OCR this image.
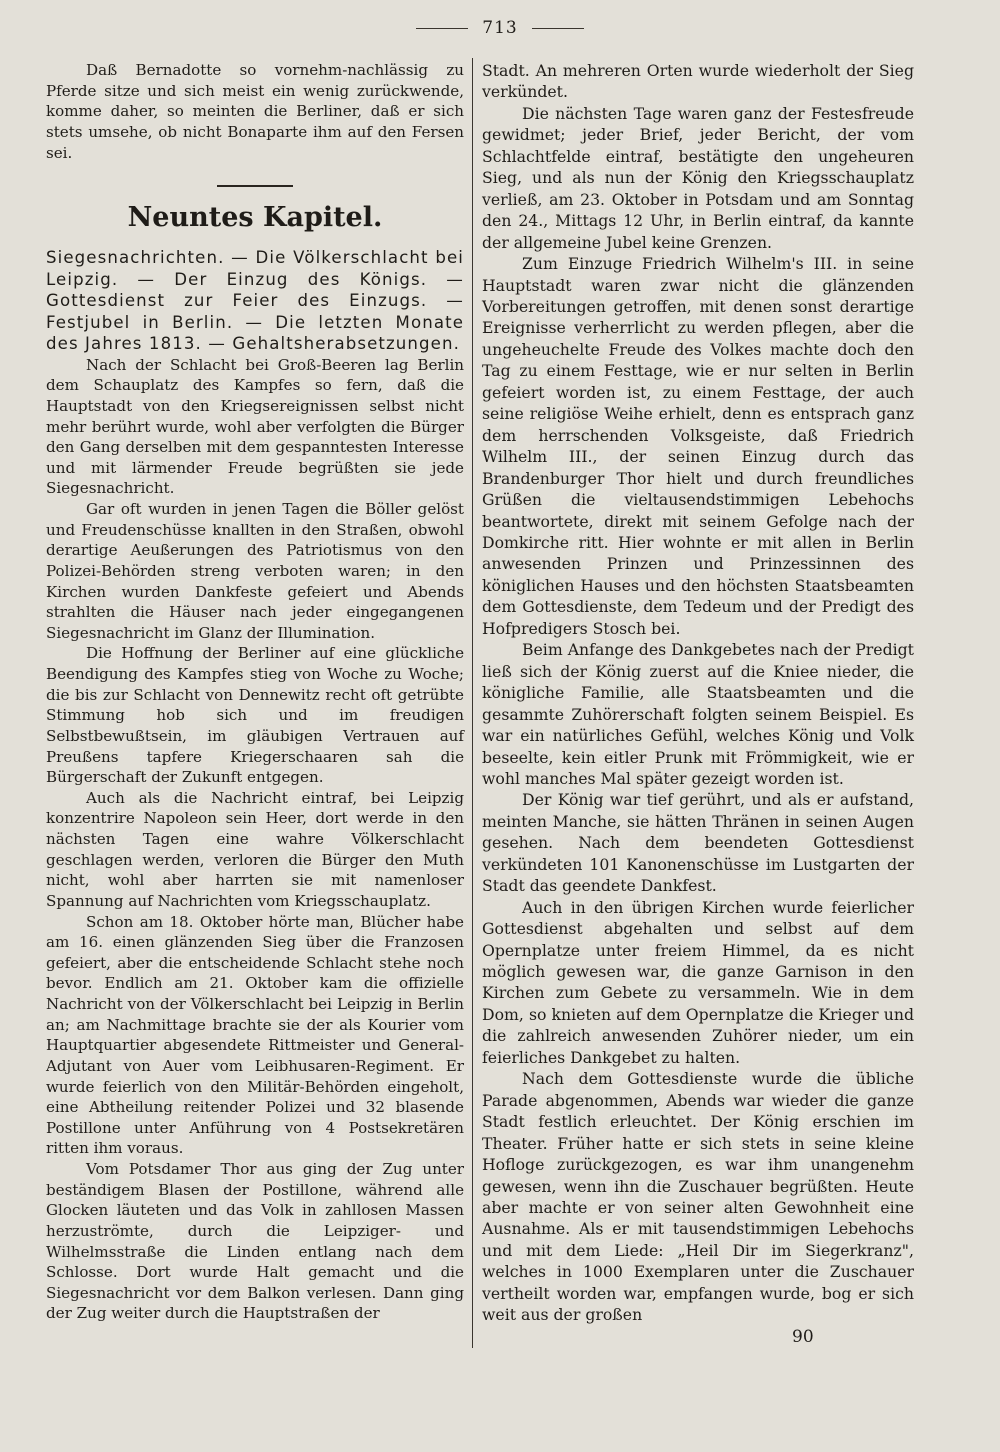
713

Daß Bernadotte so vornehm-nachlässig zu Pferde sitze und sich meist ein wenig zurückwende, komme daher, so meinten die Berliner, daß er sich stets umsehe, ob nicht Bonaparte ihm auf den Fersen sei.

Neuntes Kapitel.

Siegesnachrichten. — Die Völkerschlacht bei Leipzig. — Der Einzug des Königs. — Gottesdienst zur Feier des Einzugs. — Festjubel in Berlin. — Die letzten Monate des Jahres 1813. — Gehaltsherabsetzungen.

Nach der Schlacht bei Groß-Beeren lag Berlin dem Schauplatz des Kampfes so fern, daß die Hauptstadt von den Kriegsereignissen selbst nicht mehr berührt wurde, wohl aber verfolgten die Bürger den Gang derselben mit dem gespanntesten Interesse und mit lärmender Freude begrüßten sie jede Siegesnachricht.

Gar oft wurden in jenen Tagen die Böller gelöst und Freudenschüsse knallten in den Straßen, obwohl derartige Aeußerungen des Patriotismus von den Polizei-Behörden streng verboten waren; in den Kirchen wurden Dankfeste gefeiert und Abends strahlten die Häuser nach jeder eingegangenen Siegesnachricht im Glanz der Illumination.

Die Hoffnung der Berliner auf eine glückliche Beendigung des Kampfes stieg von Woche zu Woche; die bis zur Schlacht von Dennewitz recht oft getrübte Stimmung hob sich und im freudigen Selbstbewußtsein, im gläubigen Vertrauen auf Preußens tapfere Kriegerschaaren sah die Bürgerschaft der Zukunft entgegen.

Auch als die Nachricht eintraf, bei Leipzig konzentrire Napoleon sein Heer, dort werde in den nächsten Tagen eine wahre Völkerschlacht geschlagen werden, verloren die Bürger den Muth nicht, wohl aber harrten sie mit namenloser Spannung auf Nachrichten vom Kriegsschauplatz.

Schon am 18. Oktober hörte man, Blücher habe am 16. einen glänzenden Sieg über die Franzosen gefeiert, aber die entscheidende Schlacht stehe noch bevor. Endlich am 21. Oktober kam die offizielle Nachricht von der Völkerschlacht bei Leipzig in Berlin an; am Nachmittage brachte sie der als Kourier vom Hauptquartier abgesendete Rittmeister und General-Adjutant von Auer vom Leibhusaren-Regiment. Er wurde feierlich von den Militär-Behörden eingeholt, eine Abtheilung reitender Polizei und 32 blasende Postillone unter Anführung von 4 Postsekretären ritten ihm voraus.

Vom Potsdamer Thor aus ging der Zug unter beständigem Blasen der Postillone, während alle Glocken läuteten und das Volk in zahllosen Massen herzuströmte, durch die Leipziger- und Wilhelmsstraße die Linden entlang nach dem Schlosse. Dort wurde Halt gemacht und die Siegesnachricht vor dem Balkon verlesen. Dann ging der Zug weiter durch die Hauptstraßen der

Stadt. An mehreren Orten wurde wiederholt der Sieg verkündet.

Die nächsten Tage waren ganz der Festesfreude gewidmet; jeder Brief, jeder Bericht, der vom Schlachtfelde eintraf, bestätigte den ungeheuren Sieg, und als nun der König den Kriegsschauplatz verließ, am 23. Oktober in Potsdam und am Sonntag den 24., Mittags 12 Uhr, in Berlin eintraf, da kannte der allgemeine Jubel keine Grenzen.

Zum Einzuge Friedrich Wilhelm's III. in seine Hauptstadt waren zwar nicht die glänzenden Vorbereitungen getroffen, mit denen sonst derartige Ereignisse verherrlicht zu werden pflegen, aber die ungeheuchelte Freude des Volkes machte doch den Tag zu einem Festtage, wie er nur selten in Berlin gefeiert worden ist, zu einem Festtage, der auch seine religiöse Weihe erhielt, denn es entsprach ganz dem herrschenden Volksgeiste, daß Friedrich Wilhelm III., der seinen Einzug durch das Brandenburger Thor hielt und durch freundliches Grüßen die vieltausendstimmigen Lebehochs beantwortete, direkt mit seinem Gefolge nach der Domkirche ritt. Hier wohnte er mit allen in Berlin anwesenden Prinzen und Prinzessinnen des königlichen Hauses und den höchsten Staatsbeamten dem Gottesdienste, dem Tedeum und der Predigt des Hofpredigers Stosch bei.

Beim Anfange des Dankgebetes nach der Predigt ließ sich der König zuerst auf die Kniee nieder, die königliche Familie, alle Staatsbeamten und die gesammte Zuhörerschaft folgten seinem Beispiel. Es war ein natürliches Gefühl, welches König und Volk beseelte, kein eitler Prunk mit Frömmigkeit, wie er wohl manches Mal später gezeigt worden ist.

Der König war tief gerührt, und als er aufstand, meinten Manche, sie hätten Thränen in seinen Augen gesehen. Nach dem beendeten Gottesdienst verkündeten 101 Kanonenschüsse im Lustgarten der Stadt das geendete Dankfest.

Auch in den übrigen Kirchen wurde feierlicher Gottesdienst abgehalten und selbst auf dem Opernplatze unter freiem Himmel, da es nicht möglich gewesen war, die ganze Garnison in den Kirchen zum Gebete zu versammeln. Wie in dem Dom, so knieten auf dem Opernplatze die Krieger und die zahlreich anwesenden Zuhörer nieder, um ein feierliches Dankgebet zu halten.

Nach dem Gottesdienste wurde die übliche Parade abgenommen, Abends war wieder die ganze Stadt festlich erleuchtet. Der König erschien im Theater. Früher hatte er sich stets in seine kleine Hofloge zurückgezogen, es war ihm unangenehm gewesen, wenn ihn die Zuschauer begrüßten. Heute aber machte er von seiner alten Gewohnheit eine Ausnahme. Als er mit tausendstimmigen Lebehochs und mit dem Liede: „Heil Dir im Siegerkranz", welches in 1000 Exemplaren unter die Zuschauer vertheilt worden war, empfangen wurde, bog er sich weit aus der großen

90
